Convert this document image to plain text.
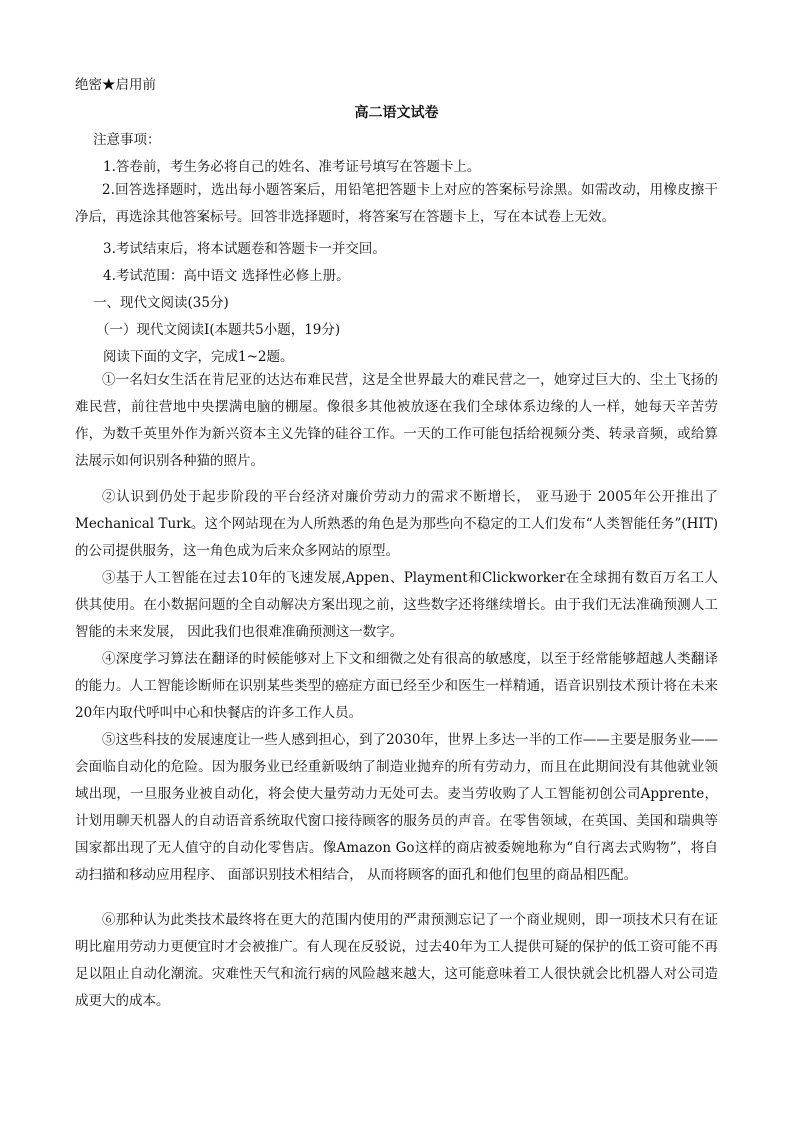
绝密★启用前
高二语文试卷
注意事项：
1.答卷前，考生务必将自己的姓名、准考证号填写在答题卡上。

2.回答选择题时，选出每小题答案后，用铅笔把答题卡上对应的答案标号涂黑。如需改动，用橡皮擦干净后，再选涂其他答案标号。回答非选择题时，将答案写在答题卡上，写在本试卷上无效。

3.考试结束后，将本试题卷和答题卡一并交回。
4.考试范围：高中语文 选择性必修上册。
一、现代文阅读(35分)
（一）现代文阅读Ⅰ(本题共5小题，19分)
阅读下面的文字，完成1~2题。

①一名妇女生活在肯尼亚的达达布难民营，这是全世界最大的难民营之一，她穿过巨大的、尘土飞扬的难民营，前往营地中央摆满电脑的棚屋。像很多其他被放逐在我们全球体系边缘的人一样，她每天辛苦劳作，为数千英里外作为新兴资本主义先锋的硅谷工作。一天的工作可能包括给视频分类、转录音频，或给算法展示如何识别各种猫的照片。

②认识到仍处于起步阶段的平台经济对廉价劳动力的需求不断增长， 亚马逊于 2005年公开推出了Mechanical Turk。这个网站现在为人所熟悉的角色是为那些向不稳定的工人们发布“人类智能任务”(HIT)的公司提供服务，这一角色成为后来众多网站的原型。

③基于人工智能在过去10年的飞速发展,Appen、Playment和Clickworker在全球拥有数百万名工人供其使用。在小数据问题的全自动解决方案出现之前，这些数字还将继续增长。由于我们无法准确预测人工智能的未来发展， 因此我们也很难准确预测这一数字。

④深度学习算法在翻译的时候能够对上下文和细微之处有很高的敏感度，以至于经常能够超越人类翻译的能力。人工智能诊断师在识别某些类型的癌症方面已经至少和医生一样精通，语音识别技术预计将在未来20年内取代呼叫中心和快餐店的许多工作人员。

⑤这些科技的发展速度让一些人感到担心，到了2030年，世界上多达一半的工作——主要是服务业——会面临自动化的危险。因为服务业已经重新吸纳了制造业抛弃的所有劳动力，而且在此期间没有其他就业领域出现，一旦服务业被自动化，将会使大量劳动力无处可去。麦当劳收购了人工智能初创公司Apprente，计划用聊天机器人的自动语音系统取代窗口接待顾客的服务员的声音。在零售领域，在英国、美国和瑞典等国家都出现了无人值守的自动化零售店。像Amazon Go这样的商店被委婉地称为“自行离去式购物”，将自动扫描和移动应用程序、 面部识别技术相结合， 从而将顾客的面孔和他们包里的商品相匹配。

⑥那种认为此类技术最终将在更大的范围内使用的严肃预测忘记了一个商业规则，即一项技术只有在证明比雇用劳动力更便宜时才会被推广。有人现在反驳说，过去40年为工人提供可疑的保护的低工资可能不再足以阻止自动化潮流。灾难性天气和流行病的风险越来越大，这可能意味着工人很快就会比机器人对公司造成更大的成本。
